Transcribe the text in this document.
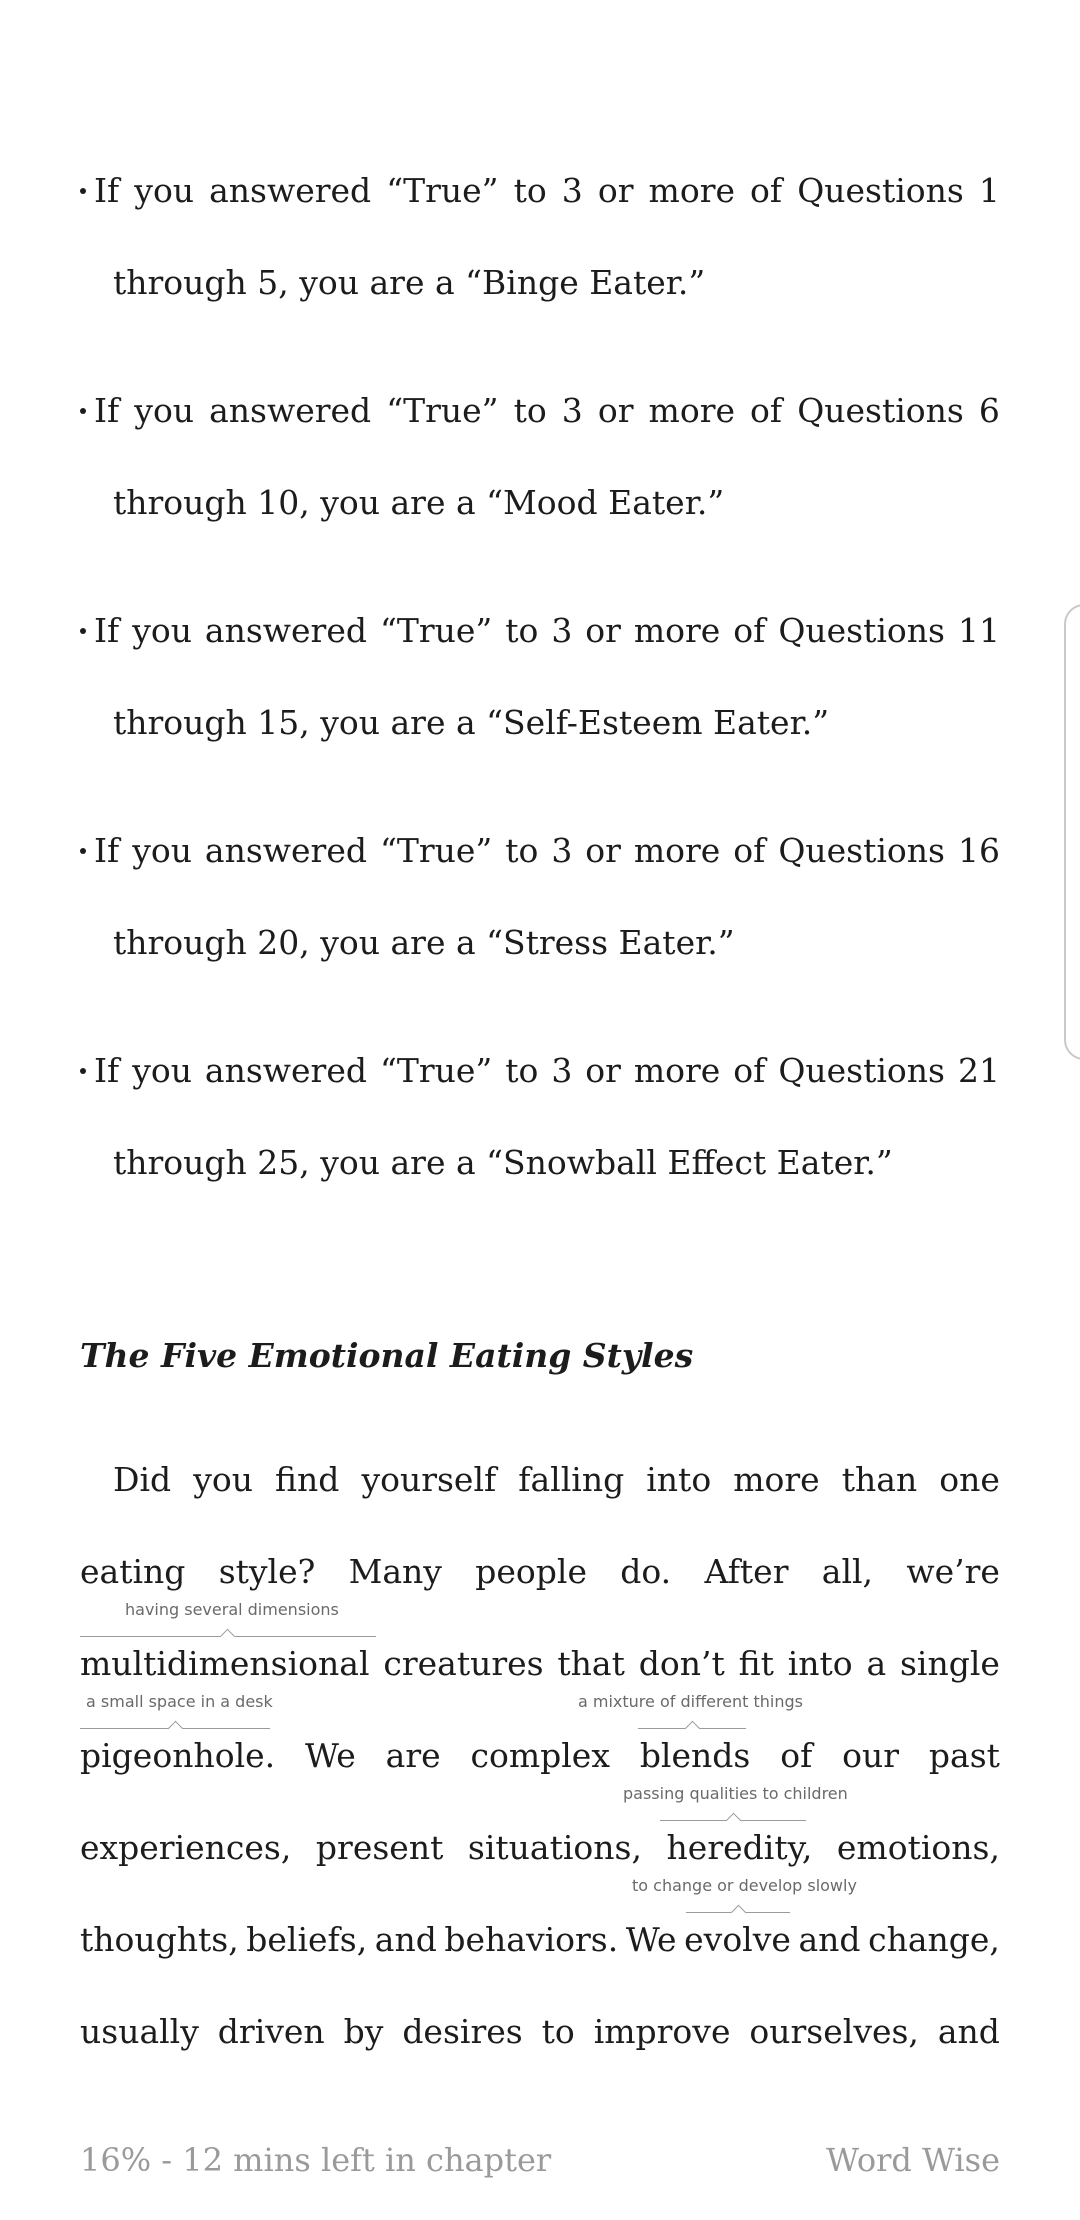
If you answered “True” to 3 or more of Questions 1
through 5, you are a “Binge Eater.”
If you answered “True” to 3 or more of Questions 6
through 10, you are a “Mood Eater.”
If you answered “True” to 3 or more of Questions 11
through 15, you are a “Self-Esteem Eater.”
If you answered “True” to 3 or more of Questions 16
through 20, you are a “Stress Eater.”
If you answered “True” to 3 or more of Questions 21
through 25, you are a “Snowball Effect Eater.”
The Five Emotional Eating Styles
Did you find yourself falling into more than one
eating style? Many people do. After all, we’re
multidimensional creatures that don’t fit into a single
pigeonhole. We are complex blends of our past
experiences, present situations, heredity, emotions,
thoughts, beliefs, and behaviors. We evolve and change,
usually driven by desires to improve ourselves, and
having several dimensions
a small space in a desk	a mixture of different things
passing qualities to children
to change or develop slowly
16% - 12 mins left in chapter	Word Wise
